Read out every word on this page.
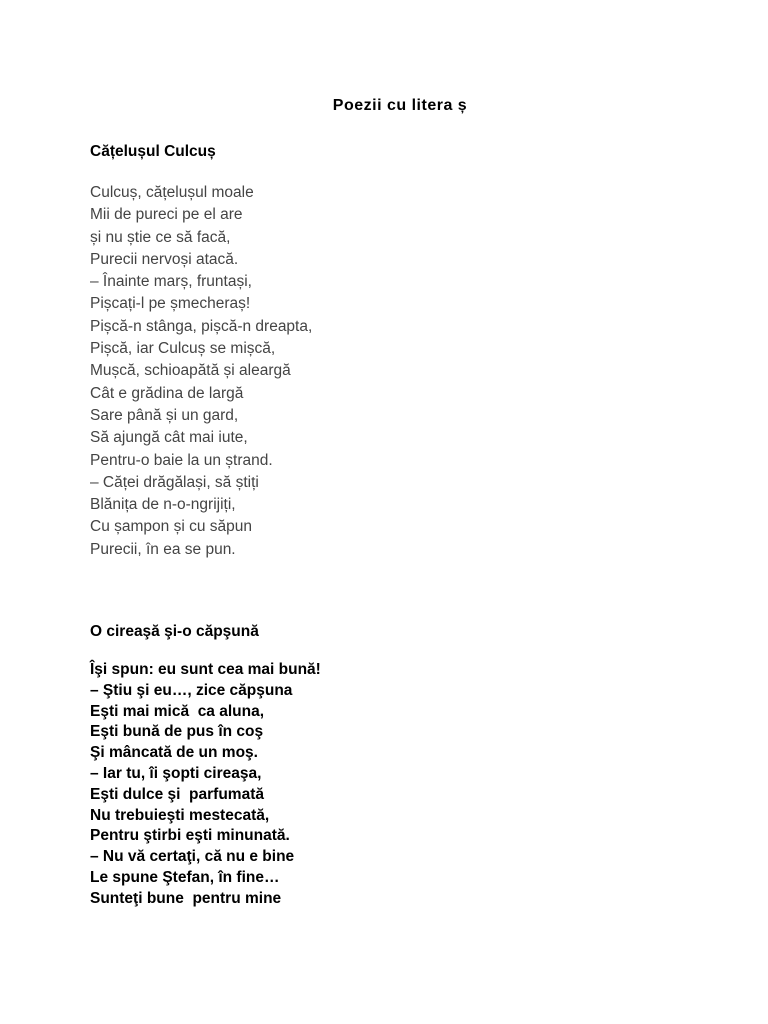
Poezii cu litera ș
Cățelușul Culcuș
Culcuș, cățelușul moale
Mii de pureci pe el are
și nu știe ce să facă,
Purecii nervoși atacă.
– Înainte marș, fruntași,
Pișcați-l pe șmecheraș!
Pișcă-n stânga, pișcă-n dreapta,
Pișcă, iar Culcuș se mișcă,
Mușcă, schioapătă și aleargă
Cât e grădina de largă
Sare până și un gard,
Să ajungă cât mai iute,
Pentru-o baie la un ștrand.
– Căței drăgălași, să știți
Blănița de n-o-ngrijiți,
Cu șampon și cu săpun
Purecii, în ea se pun.
O cireaşă şi-o căpşună
Îşi spun: eu sunt cea mai bună!
– Ştiu şi eu…, zice căpşuna
Eşti mai mică  ca aluna,
Eşti bună de pus în coş
Şi mâncată de un moş.
– Iar tu, îi şopti cireaşa,
Eşti dulce şi  parfumată
Nu trebuieşti mestecată,
Pentru ştirbi eşti minunată.
– Nu vă certaţi, că nu e bine
Le spune Ştefan, în fine…
Sunteţi bune  pentru mine
